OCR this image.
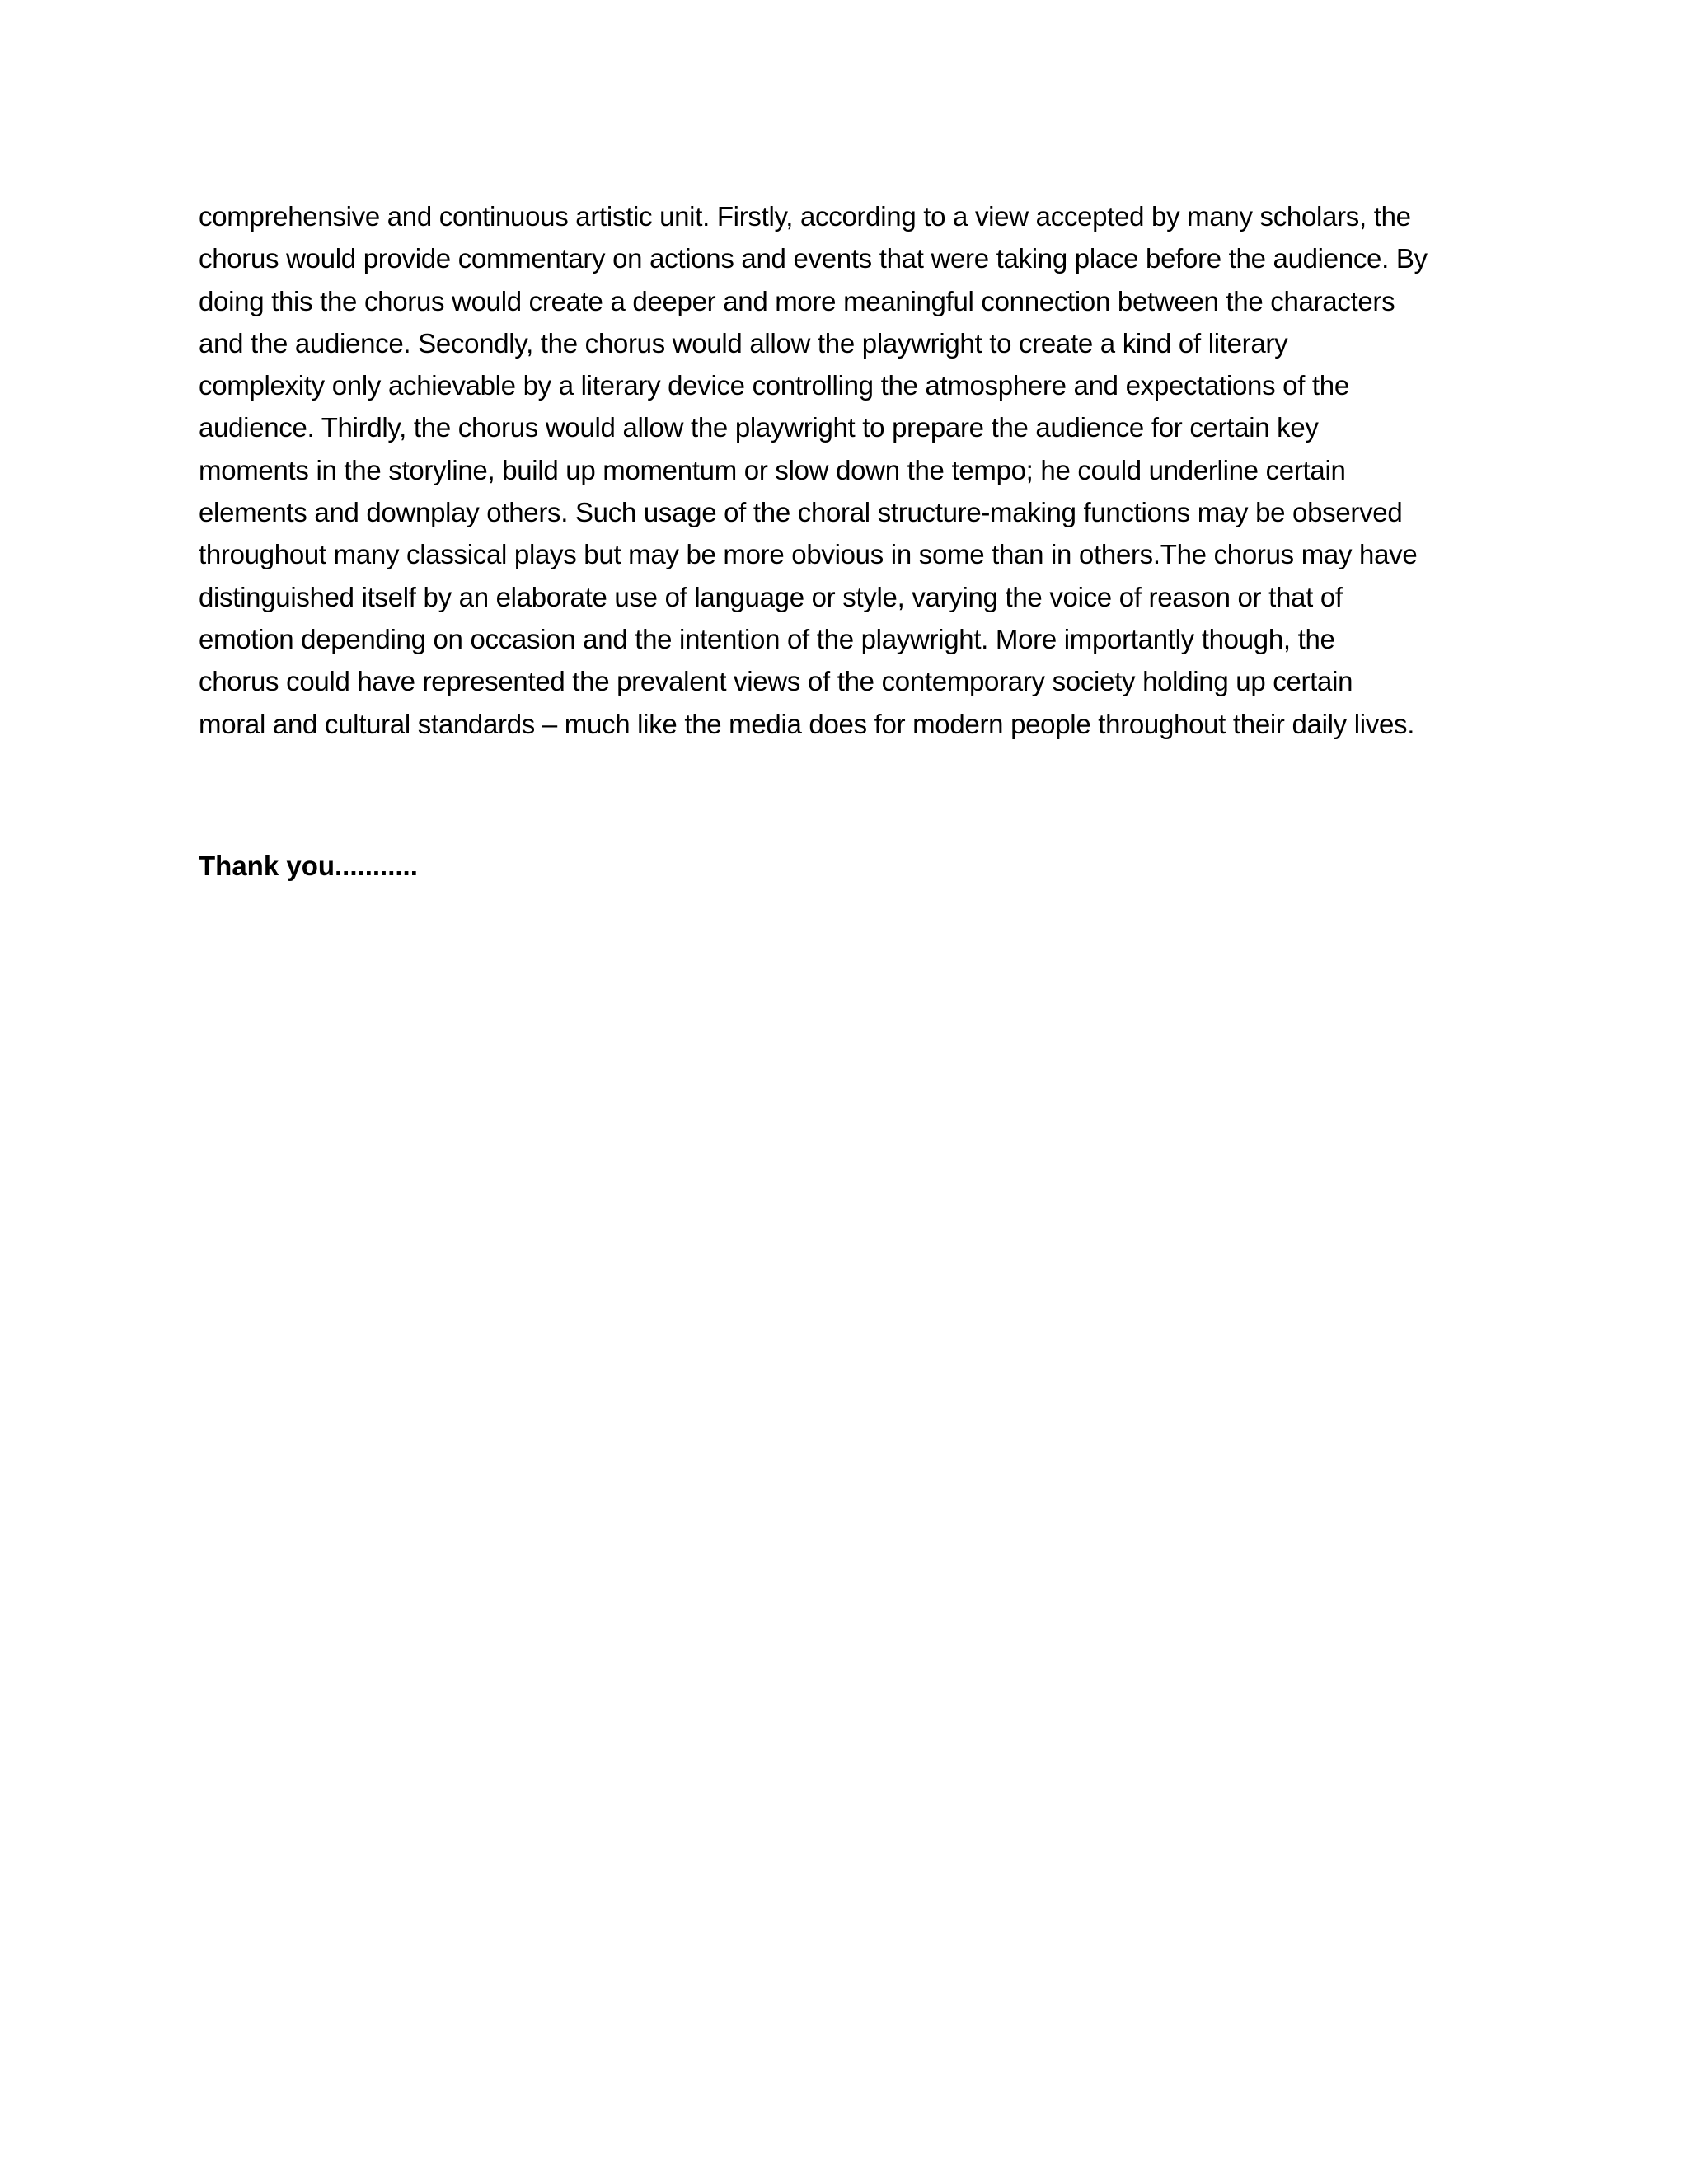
comprehensive and continuous artistic unit. Firstly, according to a view accepted by many scholars, the
chorus would provide commentary on actions and events that were taking place before the audience. By
doing this the chorus would create a deeper and more meaningful connection between the characters
and the audience. Secondly, the chorus would allow the playwright to create a kind of literary
complexity only achievable by a literary device controlling the atmosphere and expectations of the
audience. Thirdly, the chorus would allow the playwright to prepare the audience for certain key
moments in the storyline, build up momentum or slow down the tempo; he could underline certain
elements and downplay others. Such usage of the choral structure-making functions may be observed
throughout many classical plays but may be more obvious in some than in others.The chorus may have
distinguished itself by an elaborate use of language or style, varying the voice of reason or that of
emotion depending on occasion and the intention of the playwright. More importantly though, the
chorus could have represented the prevalent views of the contemporary society holding up certain
moral and cultural standards – much like the media does for modern people throughout their daily lives.

Thank you...........
